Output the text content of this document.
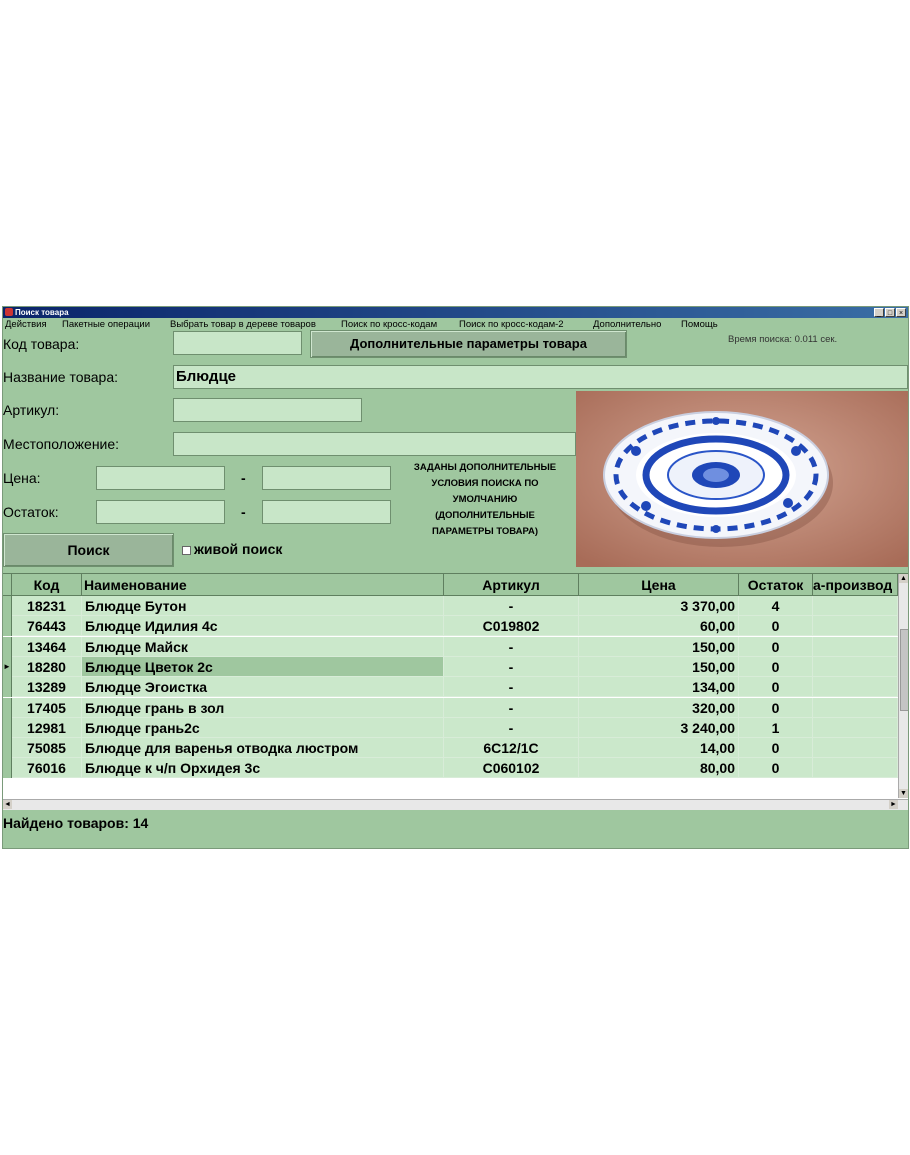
Поиск товара	_ □ ×
Действия Пакетные операции Выбрать товар в дереве товаров	Поиск по кросс-кодам Поиск по кросс-кодам-2	Дополнительно Помощь
Код товара:	Дополнительные параметры товара	Время поиска: 0.011 сек.
Название товара:	Блюдце
Артикул:
Местоположение:
Цена:	-
Остаток:	-
ЗАДАНЫ ДОПОЛНИТЕЛЬНЫЕ УСЛОВИЯ ПОИСКА ПО УМОЛЧАНИЮ (ДОПОЛНИТЕЛЬНЫЕ ПАРАМЕТРЫ ТОВАРА)
Поиск	живой поиск
Код	Наименование	Артикул	Цена	Остаток а-производ
18231	Блюдце Бутон	-	3 370,00	4
76443	Блюдце Идилия 4с	С019802	60,00	0
13464	Блюдце Майск	-	150,00	0
►	18280	Блюдце Цветок 2с	-	150,00	0
13289	Блюдце Эгоистка	-	134,00	0
17405	Блюдце грань в зол	-	320,00	0
12981	Блюдце грань2с	-	3 240,00	1
75085	Блюдце для варенья отводка люстром	6С12/1С	14,00	0
76016	Блюдце к ч/п Орхидея 3с	С060102	80,00	0
▲
▼
◄	►
Найдено товаров: 14
